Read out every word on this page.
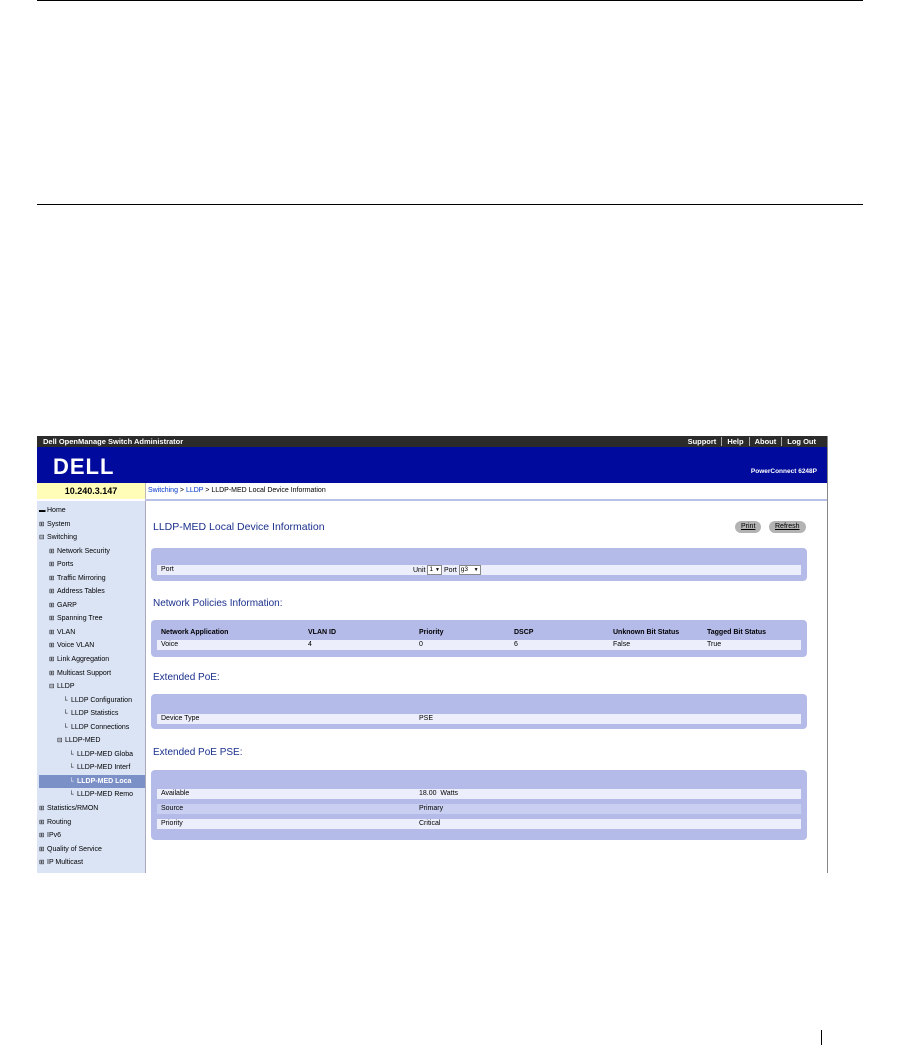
Dell OpenManage Switch Administrator	Support	Help	About	Log Out
DELL	PowerConnect 6248P
10.240.3.147	Switching > LLDP > LLDP-MED Local Device Information
▬ Home
⊞ System
⊟ Switching
⊞ Network Security
⊞ Ports
⊞ Traffic Mirroring
⊞ Address Tables
⊞ GARP
⊞ Spanning Tree
⊞ VLAN
⊞ Voice VLAN
⊞ Link Aggregation
⊞ Multicast Support
⊟ LLDP
└ LLDP Configuration
└ LLDP Statistics
└ LLDP Connections
⊟ LLDP-MED
└ LLDP-MED Globa
└ LLDP-MED Interf
└ LLDP-MED Loca
└ LLDP-MED Remo
⊞ Statistics/RMON
⊞ Routing
⊞ IPv6
⊞ Quality of Service
⊞ IP Multicast
LLDP-MED Local Device Information	Print	Refresh
Port	Unit 1 ▼ Port g3 ▼
Network Policies Information:
Network Application	VLAN ID	Priority	DSCP	Unknown Bit Status	Tagged Bit Status
Voice	4	0	6	False	True
Extended PoE:
Device Type	PSE
Extended PoE PSE:
Available	18.00 Watts
Source	Primary
Priority	Critical
